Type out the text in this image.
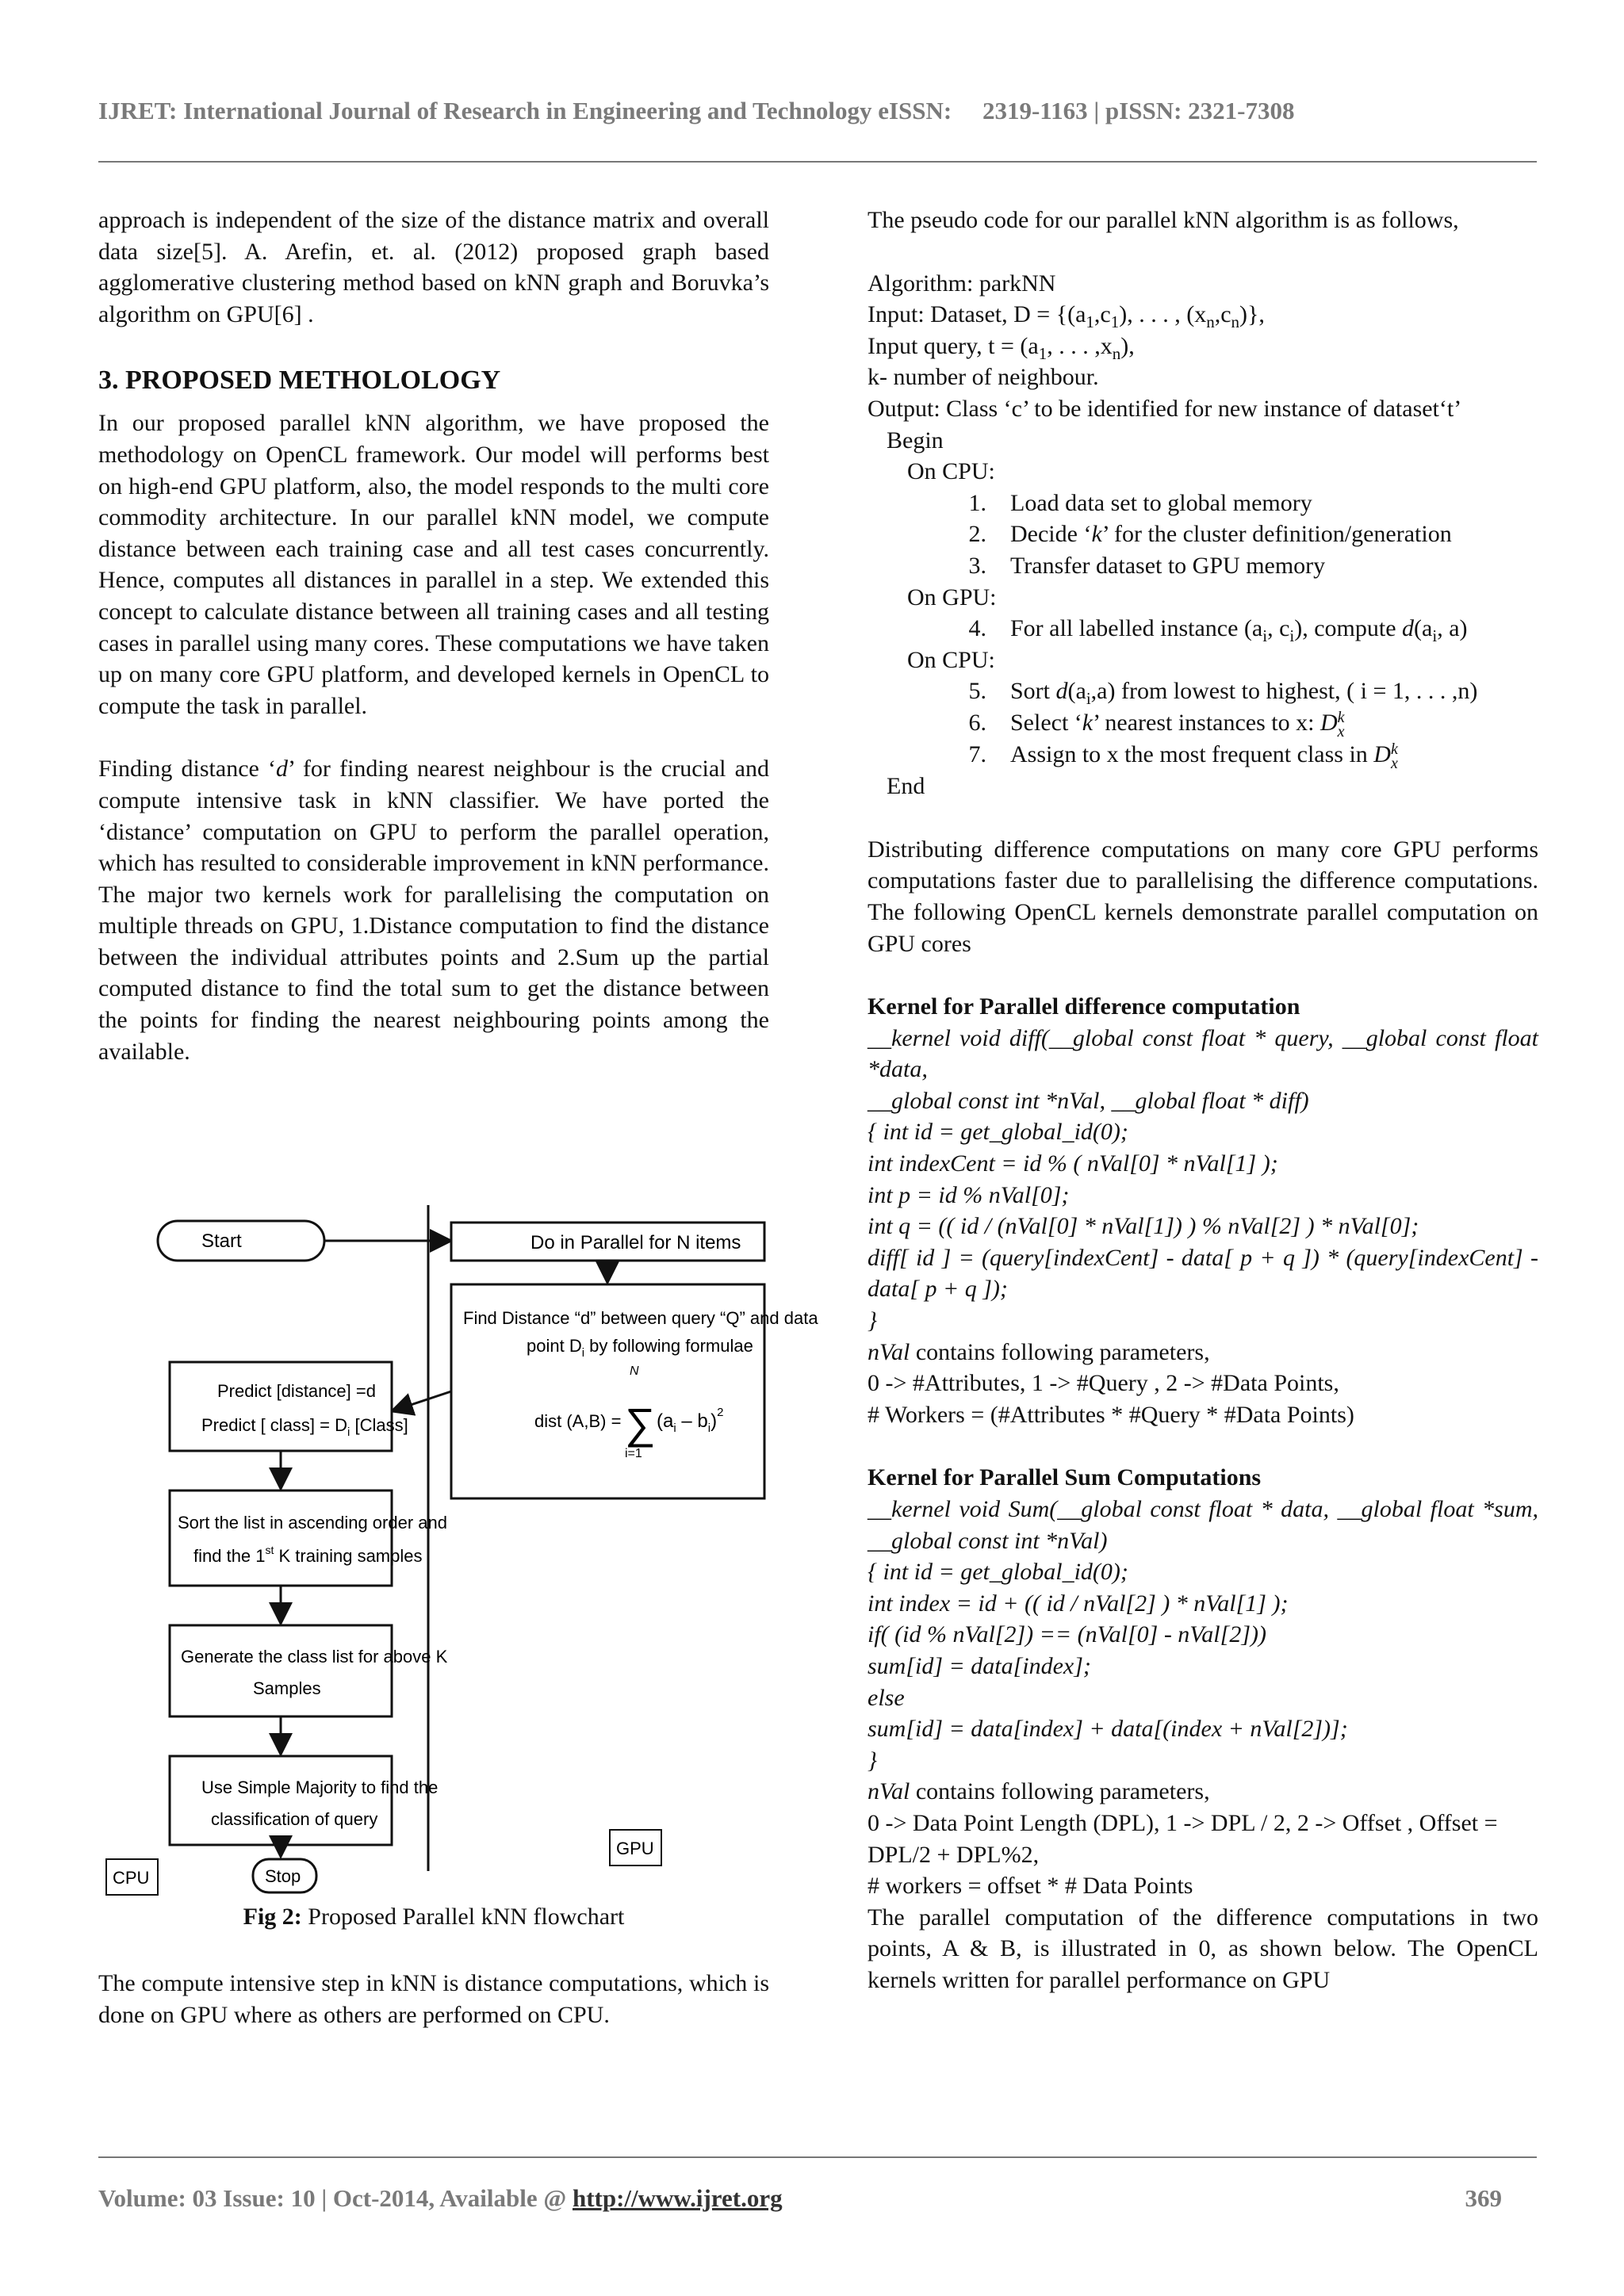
IJRET: International Journal of Research in Engineering and Technology eISSN:     2319-1163 | pISSN: 2321-7308

approach is independent of the size of the distance matrix and overall data size[5]. A. Arefin, et. al. (2012) proposed graph based agglomerative clustering method based on kNN graph and Boruvka’s algorithm on GPU[6] .

3. PROPOSED METHOLOLOGY

In our proposed parallel kNN algorithm, we have proposed the methodology on OpenCL framework. Our model will performs best on high-end GPU platform, also, the model responds to the multi core commodity architecture. In our parallel kNN model, we compute distance between each training case and all test cases concurrently. Hence, computes all distances in parallel in a step. We extended this concept to calculate distance between all training cases and all testing cases in parallel using many cores. These computations we have taken up on many core GPU platform, and developed kernels in OpenCL to compute the task in parallel.

Finding distance ‘d’ for finding nearest neighbour is the crucial and compute intensive task in kNN classifier. We have ported the ‘distance’ computation on GPU to perform the parallel operation, which has resulted to considerable improvement in kNN performance. The major two kernels work for parallelising the computation on multiple threads on GPU, 1.Distance computation to find the distance between the individual attributes points and 2.Sum up the partial computed distance to find the total sum to get the distance between the points for finding the nearest neighbouring points among the available.

Start	Do in Parallel for N items
Find Distance “d” between query “Q” and data
point $D_i$ by following formulae
dist (A,B) =
N
∑
i=1
$(a_i - b_i)^2$
Predict [distance] =d
Predict [ class] = $D_i$ [Class]
Sort the list in ascending order and
find the 1st K training samples
Generate the class list for above K
Samples
Use Simple Majority to find the
classification of query
Stop
CPU
GPU
Fig 2: Proposed Parallel kNN flowchart
The compute intensive step in kNN is distance computations, which is done on GPU where as others are performed on CPU.

The pseudo code for our parallel kNN algorithm is as follows,

Algorithm: parkNN

Input: Dataset, $D = \{(a_1,c_1)$, . . . , $(x_n,c_n)$},

Input query, $t = (a_1$, . . . $,x_n$),

k- number of neighbour.

Output: Class ‘c’ to be identified for new instance of dataset‘t’

Begin

On CPU:

1. Load data set to global memory
2. Decide ‘k’ for the cluster definition/generation
3. Transfer dataset to GPU memory

On GPU:

4. For all labelled instance ($a_i$, $c_i$), compute $d(a_i$, a)

On CPU:

5. Sort $d(a_i,a)$ from lowest to highest, ( i = 1, . . . ,n)
6. Select ‘k’ nearest instances to x: D k
x
7. Assign to x the most frequent class in D k
x

End

Distributing difference computations on many core GPU performs computations faster due to parallelising the difference computations. The following OpenCL kernels demonstrate parallel computation on GPU cores

Kernel for Parallel difference computation

__kernel void diff(__global const float * query, __global const float *data,

__global const int *nVal, __global float * diff)

{ int id = get_global_id(0);

int indexCent = id % ( nVal[0] * nVal[1] );

int p = id % nVal[0];

int q = (( id / (nVal[0] * nVal[1]) ) % nVal[2] ) * nVal[0];

diff[ id ] = (query[indexCent] - data[ p + q ]) * (query[indexCent] - data[ p + q ]);

}

nVal contains following parameters,

0 -> #Attributes, 1 -> #Query , 2 -> #Data Points,

# Workers = (#Attributes * #Query * #Data Points)

Kernel for Parallel Sum Computations

__kernel void Sum(__global const float * data, __global float *sum, __global const int *nVal)

{ int id = get_global_id(0);

int index = id + (( id / nVal[2] ) * nVal[1] );

if( (id % nVal[2]) == (nVal[0] - nVal[2]))

sum[id] = data[index];

else

sum[id] = data[index] + data[(index + nVal[2])];

}

nVal contains following parameters,

0 -> Data Point Length (DPL), 1 -> DPL / 2, 2 -> Offset , Offset = DPL/2 + DPL%2,

# workers = offset * # Data Points

The parallel computation of the difference computations in two points, A & B, is illustrated in 0, as shown below. The OpenCL kernels written for parallel performance on GPU

Volume: 03 Issue: 10 | Oct-2014, Available @ http://www.ijret.org	369
